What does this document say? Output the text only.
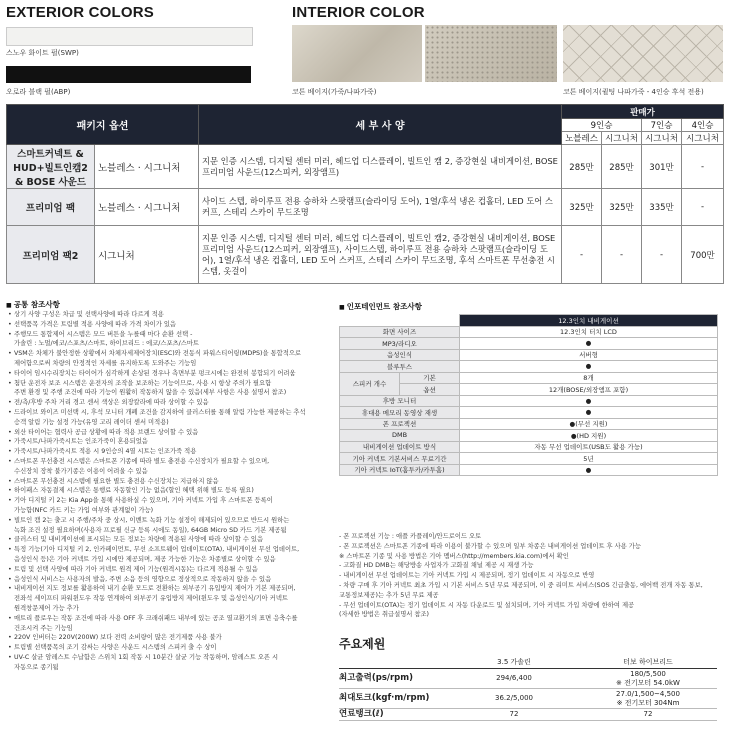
EXTERIOR COLORS
스노우 화이트 펄(SWP)
오로라 블랙 펄(ABP)
INTERIOR COLOR
코튼 베이지(가죽/나파가죽)	코튼 베이지(퀼팅 나파가죽 - 4인승 후석 전용)
패키지 옵션		세 부 사 양	판매가			
			9인승		7인승	4인승
			노블레스	시그니처	시그니처	시그니처
스마트커넥트 & HUD+빌트인캠2 & BOSE 사운드	노블레스 · 시그니처	지문 인증 시스템, 디지털 센터 미러, 헤드업 디스플레이, 빌트인 캠 2, 증강현실 내비게이션, BOSE 프리미엄 사운드(12스피커, 외장앰프)	285만	285만	301만	-
프리미엄 팩	노블레스 · 시그니처	사이드 스텝, 하이루프 전용 승하차 스팟램프(슬라이딩 도어), 1열/후석 냉온 컵홀더, LED 도어 스커프, 스테리 스카이 무드조명	325만	325만	335만	-
프리미엄 팩2	시그니처	지문 인증 시스템, 디지털 센터 미러, 헤드업 디스플레이, 빌트인 캠2, 증강현실 내비게이션, BOSE 프리미엄 사운드(12스피커, 외장앰프), 사이드스텝, 하이루프 전용 승하차 스팟램프(슬라이딩 도어), 1열/후석 냉온 컵홀더, LED 도어 스커프, 스테리 스카이 무드조명, 후석 스마트폰 무선충전 시스템, 옷걸이	-	-	-	700만
■ 공통 참조사항
• 상기 사양 구성은 차급 및 선택사양에 따라 다르게 적용
• 선택품목 가격은 트림별 적용 사양에 따라 가격 차이가 있음
• 주행모드 통합제어 시스템은 모드 버튼을 누를때 마다 순환 선택 -
가솔린 : 노멀/에코/스포츠/스마트, 하이브리드 : 에코/스포츠/스마트
• VSM은 차체가 불안정한 상황에서 차체자세제어장치(ESC)와 전동식 파워스티어링(MDPS)을 통합적으로
제어함으로써 차량의 안정적인 자세를 유지하도록 도와주는 기능임
• 타이어 임시수리장치는 타이어가 심각하게 손상된 경우나 측면부분 펑크시에는 완전히 봉합되기 어려움
• 첨단 운전자 보조 시스템은 운전자의 조작을 보조하는 기능이므로, 사용 시 항상 주의가 필요함
주변 환경 및 주행 조건에 따라 기능이 원활히 작동하지 않을 수 있음(세부 사항은 사용 설명서 참조)
• 전/측/후방 주차 거리 경고 센서 색상은 외장칼라에 따라 상이할 수 있음
• 드라이브 와이즈 미선택 시, 후석 모니터 개폐 조건을 감지하여 클러스터를 통해 알림 가능한 제공하는 추석
승객 알림 기능 설정 가능(유영 고리 레이더 센서 미적용)
• 외산 타이어는 협력사 공급 상황에 따라 적용 브랜드 상이할 수 있음
• 가죽시트/나파가죽시트는 인조가죽이 혼용되었음
• 가죽시트/나파가죽시트 적용 시 9인승의 4열 시트는 인조가죽 적용
• 스마트폰 무선충전 시스템은 스마트폰 기종에 따라 별도 충전용 수신장치가 필요할 수 있으며,
수신장치 장착 불가기종은 이용이 어려울 수 있음
• 스마트폰 무선충전 시스템에 필요한 별도 충전용 수신장치는 지급하지 않음
• 하이패스 자동결제 시스템은 통행료 자동할인 기능 없음(할인 혜택 위해 별도 등록 필요)
• 기아 디지털 키 2는 Kia App을 통해 사용하실 수 있으며, 기아 커넥트 가입 후 스마트폰 등록이
가능함(NFC 카드 키는 가입 여부와 관계없이 가능)
• 빌트인 캠 2는 출고 시 주행/주차 중 상시, 이벤트 녹화 기능 설정이 해제되어 있으므로 반드시 원하는
녹화 조건 설정 필요하며(사용자 프로필 신규 등록 시에도 동일), 64GB Micro SD 카드 기본 제공됨
• 클러스터 및 내비게이션에 표시되는 모든 정보는 차량에 적용된 사양에 따라 상이할 수 있음
• 특정 기능(기아 디지털 키 2, 인카페이먼트, 무선 소프트웨어 업데이트(OTA), 내비게이션 무선 업데이트,
음성인식 등)은 기아 커넥트 가입 시에만 제공되며, 제공 가능한 기능은 차종별로 상이할 수 있음
• 트림 및 선택 사양에 따라 기아 커넥트 원격 제어 기능(원격시동)는 다르게 적용될 수 있음
• 음성인식 서비스는 사용자의 발음, 주변 소음 등의 영향으로 정상적으로 작동하지 않을 수 있음
• 내비게이션 지도 정보를 활용하여 내기 순환 모드로 전환하는 외부공기 유입방지 제어가 기본 제공되며,
전좌석 세이프티 파워윈도우 작동 연계하여 외부공기 유입방지 제어(윈도우 및 음성인식/기아 커넥트
원격창문제어 가능 추가
• 매트리 플로우는 작동 조건에 따라 사용 OFF 후 크래쉬패드 내부에 있는 공조 열교환기의 표면 응축수를
건조시켜 주는 기능임
• 220V 인버터는 220V(200W) 보다 전력 소비량이 많은 전기제품 사용 불가
• 트림별 선택품목의 조기 감싸는 사양은 사운드 시스템의 스피커 출 수 상이
• UV-C 살균 암레스트 수납함은 스위치 1회 작동 시 10분간 살균 기능 작동하며, 암레스트 오픈 시
자동으로 종기됨
■ 인포테인먼트 참조사항
		12.3인치 내비게이션
화면 사이즈		12.3인치 터치 LCD
MP3/라디오		●
음성인식		서버형
블루투스		●
스피커 개수	기본	8개
	옵션	12개(BOSE/외장앰프 포함)
후방 모니터		●
휴대용 메모리 동영상 재생		●
폰 프로젝션		●(무선 지원)
DMB		●(HD 지원)
내비게이션 업데이트 방식		자동 무선 업데이트(USB도 활용 가능)
기아 커넥트 기본서비스 무료기간		5년
기아 커넥트 IoT(홈투카/카투홈)		●
- 폰 프로젝션 기능 : 애플 카플레이/안드로이드 오토
- 폰 프로젝션은 스마트폰 기종에 따라 이용이 불가할 수 있으며 일부 차종은 내비게이션 업데이트 후 사용 가능
※ 스마트폰 기종 및 사용 방법은 기아 멤버스(http://members.kia.com)에서 확인
- 고화질 HD DMB는 해당방송 사업자가 고화질 채널 제공 시 재생 가능
- 내비게이션 무선 업데이트는 기아 커넥트 가입 시 제공되며, 정기 업데이트 시 자동으로 반영
- 차량 구매 후 기아 커넥트 최초 가입 시 기본 서비스 5년 무료 제공되며, 이 중 리미트 서비스(SOS 긴급출동, 에어백 전개 자동 통보,
교통정보제공)는 추가 5년 무료 제공
- 무선 업데이트(OTA)는 정기 업데이트 시 자동 다운로드 및 설치되며, 기아 커넥트 가입 차량에 한하여 제공
(자세한 방법은 취급설명서 참조)
주요제원
	3.5 가솔린	터보 하이브리드
최고출력(ps/rpm)	294/6,400	180/5,500
※ 전기모터 54.0kW

최대토크(kgf·m/rpm)	36.2/5,000	27.0/1,500~4,500
※ 전기모터 304Nm

연료탱크(ℓ)	72	72
